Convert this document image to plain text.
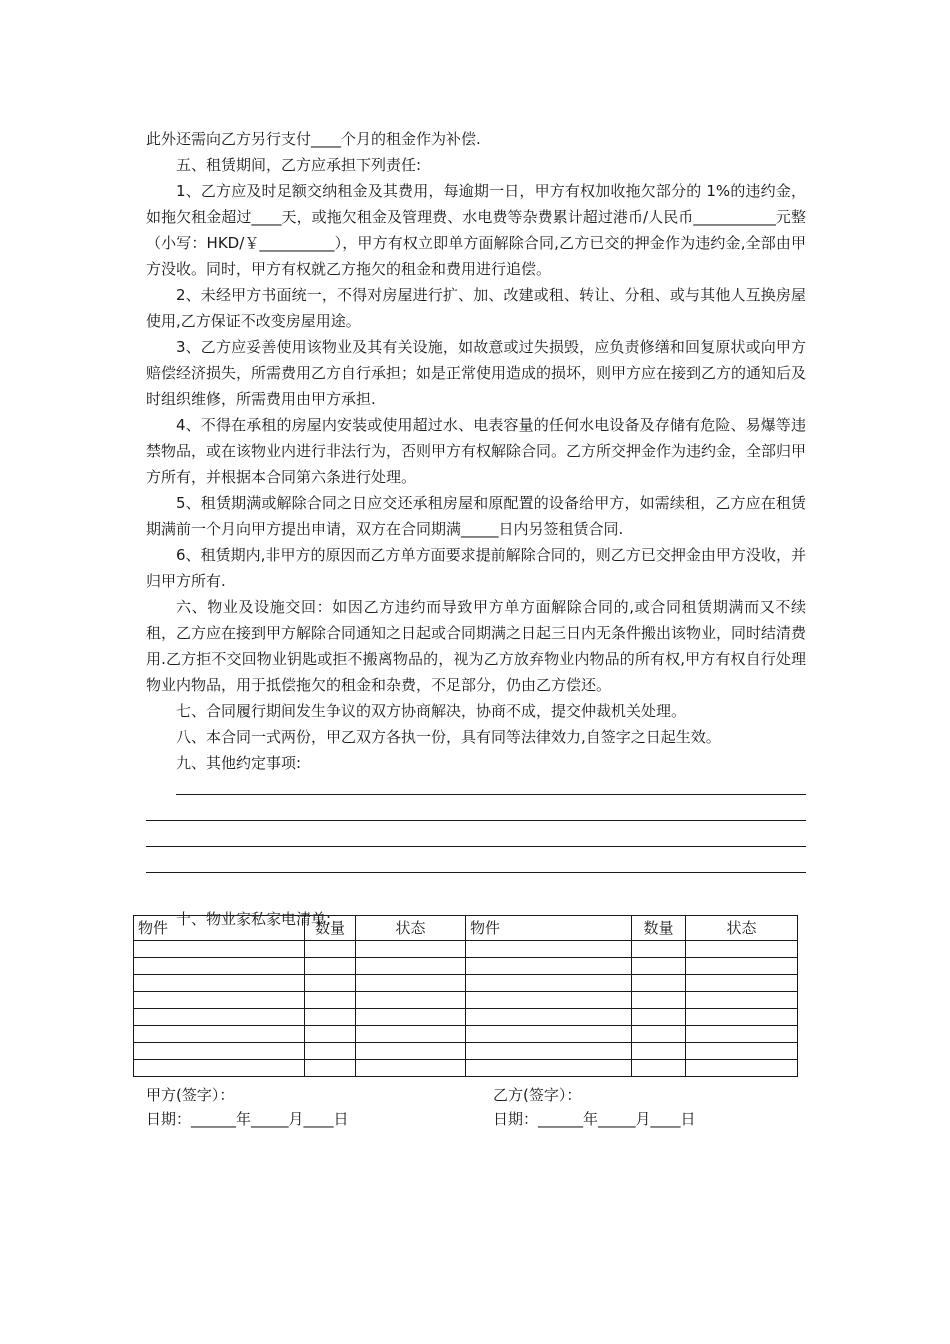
此外还需向乙方另行支付____个月的租金作为补偿.

五、租赁期间，乙方应承担下列责任:

1、乙方应及时足额交纳租金及其费用，每逾期一日，甲方有权加收拖欠部分的 1%的违约金，如拖欠租金超过____天，或拖欠租金及管理费、水电费等杂费累计超过港币/人民币___________元整（小写：HKD/￥__________），甲方有权立即单方面解除合同,乙方已交的押金作为违约金,全部由甲方没收。同时，甲方有权就乙方拖欠的租金和费用进行追偿。

2、未经甲方书面统一，不得对房屋进行扩、加、改建或租、转让、分租、或与其他人互换房屋使用,乙方保证不改变房屋用途。

3、乙方应妥善使用该物业及其有关设施，如故意或过失损毁，应负责修缮和回复原状或向甲方赔偿经济损失，所需费用乙方自行承担；如是正常使用造成的损坏，则甲方应在接到乙方的通知后及时组织维修，所需费用由甲方承担.

4、不得在承租的房屋内安装或使用超过水、电表容量的任何水电设备及存储有危险、易爆等违禁物品，或在该物业内进行非法行为，否则甲方有权解除合同。乙方所交押金作为违约金，全部归甲方所有，并根据本合同第六条进行处理。

5、租赁期满或解除合同之日应交还承租房屋和原配置的设备给甲方，如需续租，乙方应在租赁期满前一个月向甲方提出申请，双方在合同期满_____日内另签租赁合同.

6、租赁期内,非甲方的原因而乙方单方面要求提前解除合同的，则乙方已交押金由甲方没收，并归甲方所有.

六、物业及设施交回：如因乙方违约而导致甲方单方面解除合同的,或合同租赁期满而又不续租，乙方应在接到甲方解除合同通知之日起或合同期满之日起三日内无条件搬出该物业，同时结清费用.乙方拒不交回物业钥匙或拒不搬离物品的，视为乙方放弃物业内物品的所有权,甲方有权自行处理物业内物品，用于抵偿拖欠的租金和杂费，不足部分，仍由乙方偿还。

七、合同履行期间发生争议的双方协商解决，协商不成，提交仲裁机关处理。

八、本合同一式两份，甲乙双方各执一份，具有同等法律效力,自签字之日起生效。

九、其他约定事项:

十、物业家私家电清单:

物件	数量	状态	物件	数量	状态

甲方(签字）：	乙方(签字）：
日期：______年_____月____日	日期：______年_____月____日
